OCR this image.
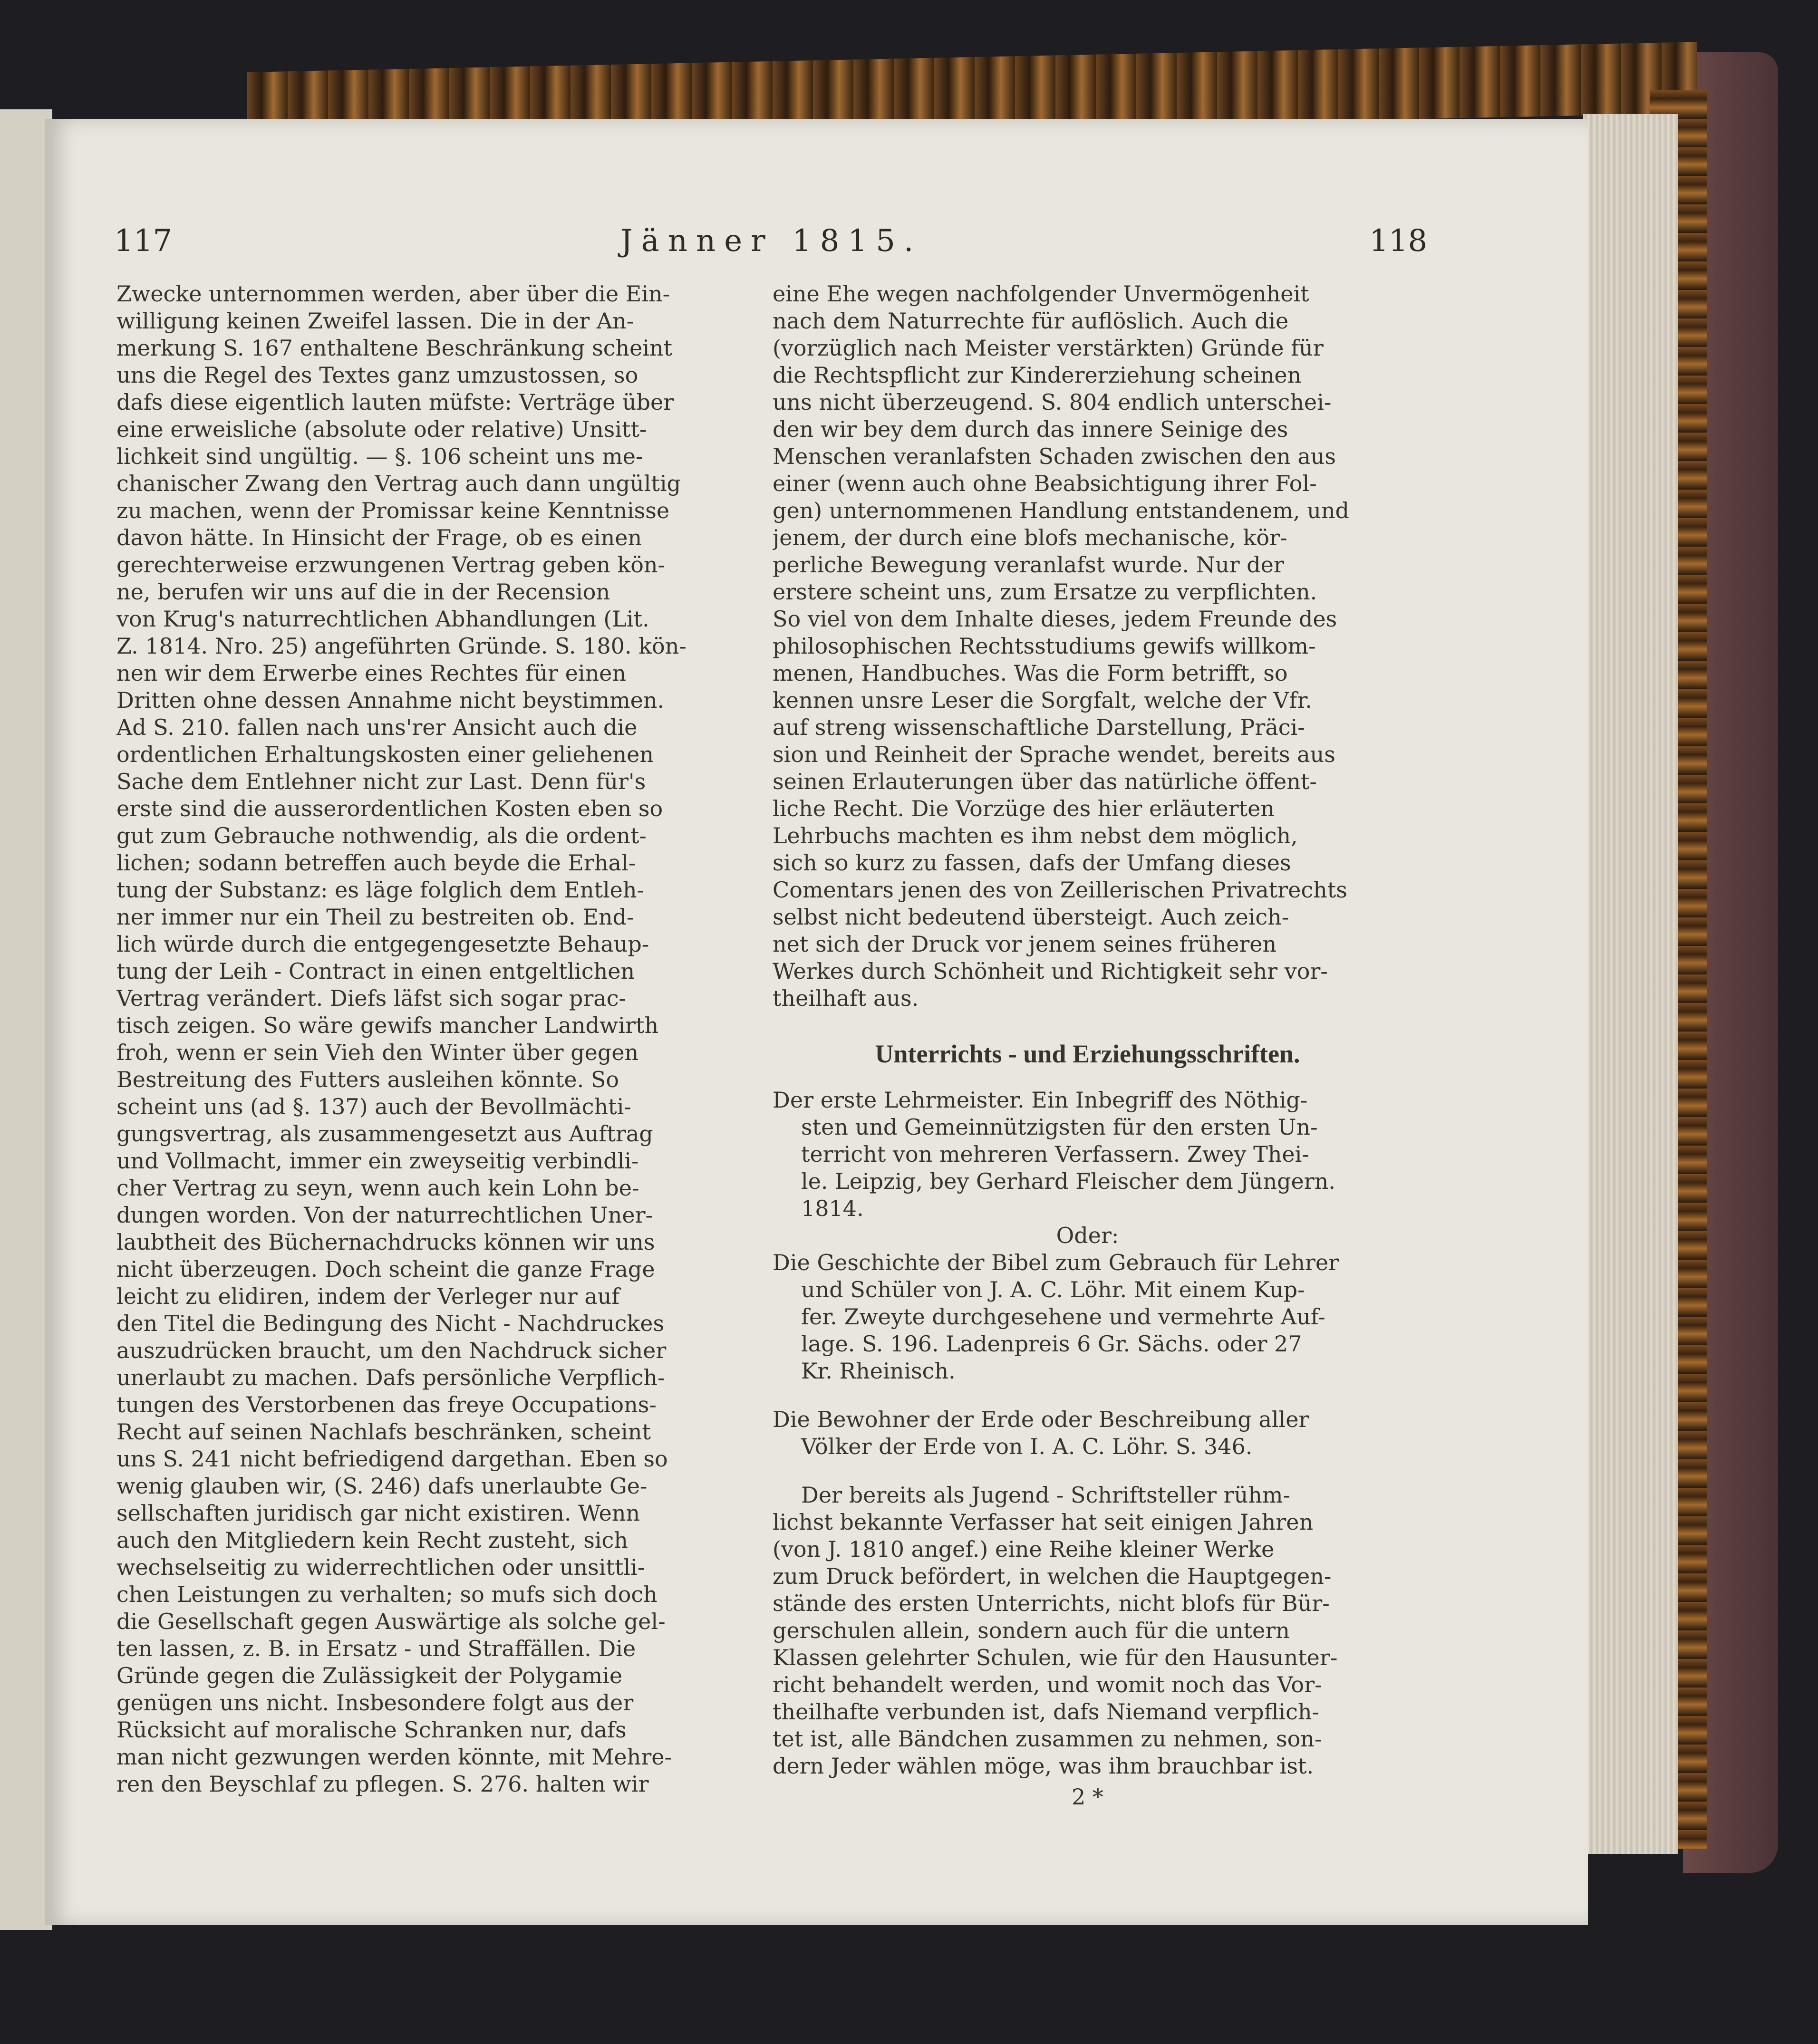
117	Jänner 1815.	118
Zwecke unternommen werden, aber über die Ein-
willigung keinen Zweifel lassen. Die in der An-
merkung S. 167 enthaltene Beschränkung scheint
uns die Regel des Textes ganz umzustossen, so
dafs diese eigentlich lauten müfste: Verträge über
eine erweisliche (absolute oder relative) Unsitt-
lichkeit sind ungültig. — §. 106 scheint uns me-
chanischer Zwang den Vertrag auch dann ungültig
zu machen, wenn der Promissar keine Kenntnisse
davon hätte. In Hinsicht der Frage, ob es einen
gerechterweise erzwungenen Vertrag geben kön-
ne, berufen wir uns auf die in der Recension
von Krug's naturrechtlichen Abhandlungen (Lit.
Z. 1814. Nro. 25) angeführten Gründe. S. 180. kön-
nen wir dem Erwerbe eines Rechtes für einen
Dritten ohne dessen Annahme nicht beystimmen.
Ad S. 210. fallen nach uns'rer Ansicht auch die
ordentlichen Erhaltungskosten einer geliehenen
Sache dem Entlehner nicht zur Last. Denn für's
erste sind die ausserordentlichen Kosten eben so
gut zum Gebrauche nothwendig, als die ordent-
lichen; sodann betreffen auch beyde die Erhal-
tung der Substanz: es läge folglich dem Entleh-
ner immer nur ein Theil zu bestreiten ob. End-
lich würde durch die entgegengesetzte Behaup-
tung der Leih - Contract in einen entgeltlichen
Vertrag verändert. Diefs läfst sich sogar prac-
tisch zeigen. So wäre gewifs mancher Landwirth
froh, wenn er sein Vieh den Winter über gegen
Bestreitung des Futters ausleihen könnte. So
scheint uns (ad §. 137) auch der Bevollmächti-
gungsvertrag, als zusammengesetzt aus Auftrag
und Vollmacht, immer ein zweyseitig verbindli-
cher Vertrag zu seyn, wenn auch kein Lohn be-
dungen worden. Von der naturrechtlichen Uner-
laubtheit des Büchernachdrucks können wir uns
nicht überzeugen. Doch scheint die ganze Frage
leicht zu elidiren, indem der Verleger nur auf
den Titel die Bedingung des Nicht - Nachdruckes
auszudrücken braucht, um den Nachdruck sicher
unerlaubt zu machen. Dafs persönliche Verpflich-
tungen des Verstorbenen das freye Occupations-
Recht auf seinen Nachlafs beschränken, scheint
uns S. 241 nicht befriedigend dargethan. Eben so
wenig glauben wir, (S. 246) dafs unerlaubte Ge-
sellschaften juridisch gar nicht existiren. Wenn
auch den Mitgliedern kein Recht zusteht, sich
wechselseitig zu widerrechtlichen oder unsittli-
chen Leistungen zu verhalten; so mufs sich doch
die Gesellschaft gegen Auswärtige als solche gel-
ten lassen, z. B. in Ersatz - und Straffällen. Die
Gründe gegen die Zulässigkeit der Polygamie
genügen uns nicht. Insbesondere folgt aus der
Rücksicht auf moralische Schranken nur, dafs
man nicht gezwungen werden könnte, mit Mehre-
ren den Beyschlaf zu pflegen. S. 276. halten wir
eine Ehe wegen nachfolgender Unvermögenheit
nach dem Naturrechte für auflöslich. Auch die
(vorzüglich nach Meister verstärkten) Gründe für
die Rechtspflicht zur Kindererziehung scheinen
uns nicht überzeugend. S. 804 endlich unterschei-
den wir bey dem durch das innere Seinige des
Menschen veranlafsten Schaden zwischen den aus
einer (wenn auch ohne Beabsichtigung ihrer Fol-
gen) unternommenen Handlung entstandenem, und
jenem, der durch eine blofs mechanische, kör-
perliche Bewegung veranlafst wurde. Nur der
erstere scheint uns, zum Ersatze zu verpflichten.
So viel von dem Inhalte dieses, jedem Freunde des
philosophischen Rechtsstudiums gewifs willkom-
menen, Handbuches. Was die Form betrifft, so
kennen unsre Leser die Sorgfalt, welche der Vfr.
auf streng wissenschaftliche Darstellung, Präci-
sion und Reinheit der Sprache wendet, bereits aus
seinen Erlauterungen über das natürliche öffent-
liche Recht. Die Vorzüge des hier erläuterten
Lehrbuchs machten es ihm nebst dem möglich,
sich so kurz zu fassen, dafs der Umfang dieses
Comentars jenen des von Zeillerischen Privatrechts
selbst nicht bedeutend übersteigt. Auch zeich-
net sich der Druck vor jenem seines früheren
Werkes durch Schönheit und Richtigkeit sehr vor-
theilhaft aus.
Unterrichts - und Erziehungsschriften.
Der erste Lehrmeister. Ein Inbegriff des Nöthig-
sten und Gemeinnützigsten für den ersten Un-
terricht von mehreren Verfassern. Zwey Thei-
le. Leipzig, bey Gerhard Fleischer dem Jüngern.
1814.
Oder:
Die Geschichte der Bibel zum Gebrauch für Lehrer
und Schüler von J. A. C. Löhr. Mit einem Kup-
fer. Zweyte durchgesehene und vermehrte Auf-
lage. S. 196. Ladenpreis 6 Gr. Sächs. oder 27
Kr. Rheinisch.
Die Bewohner der Erde oder Beschreibung aller
Völker der Erde von I. A. C. Löhr. S. 346.
Der bereits als Jugend - Schriftsteller rühm-
lichst bekannte Verfasser hat seit einigen Jahren
(von J. 1810 angef.) eine Reihe kleiner Werke
zum Druck befördert, in welchen die Hauptgegen-
stände des ersten Unterrichts, nicht blofs für Bür-
gerschulen allein, sondern auch für die untern
Klassen gelehrter Schulen, wie für den Hausunter-
richt behandelt werden, und womit noch das Vor-
theilhafte verbunden ist, dafs Niemand verpflich-
tet ist, alle Bändchen zusammen zu nehmen, son-
dern Jeder wählen möge, was ihm brauchbar ist.
2 *
